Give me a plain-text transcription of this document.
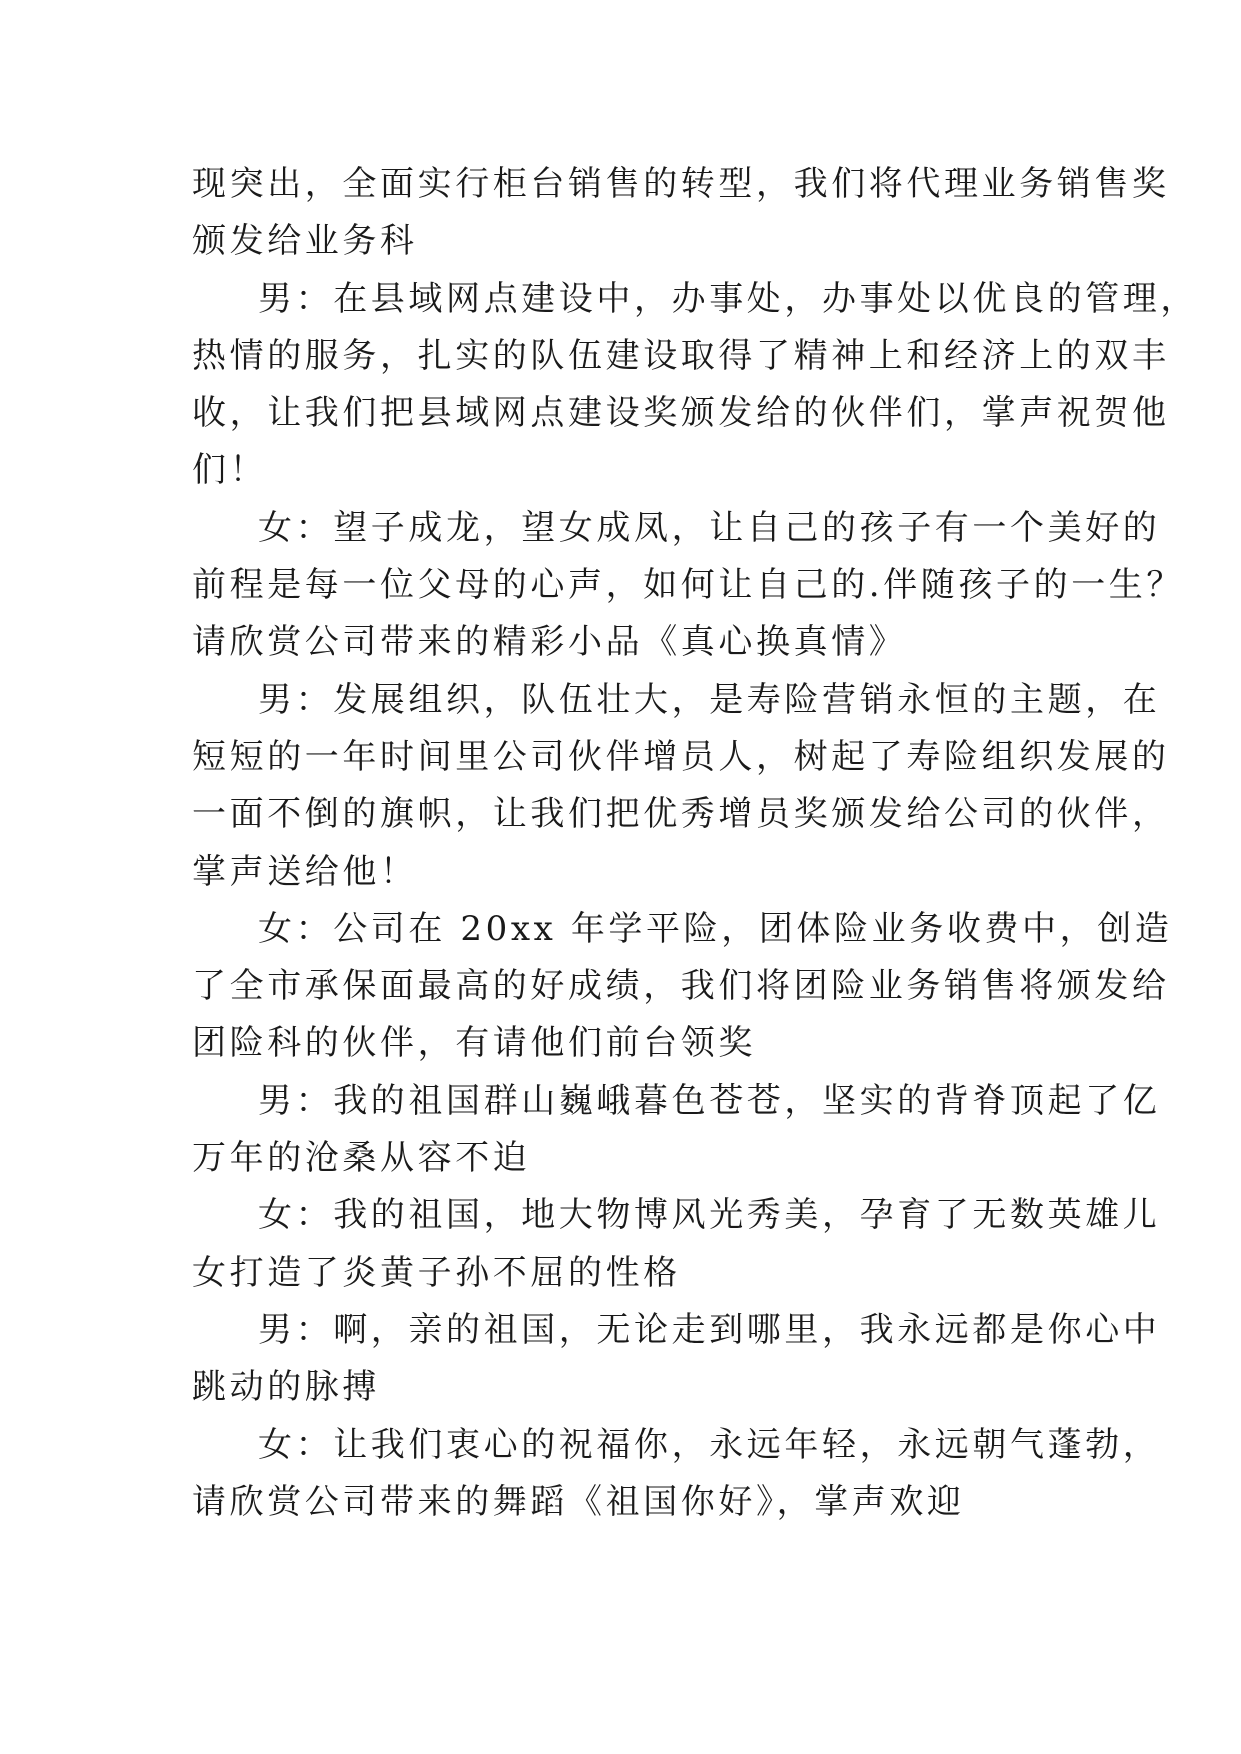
现突出，全面实行柜台销售的转型，我们将代理业务销售奖
颁发给业务科
男：在县域网点建设中，办事处，办事处以优良的管理，
热情的服务，扎实的队伍建设取得了精神上和经济上的双丰
收，让我们把县域网点建设奖颁发给的伙伴们，掌声祝贺他
们！
女：望子成龙，望女成凤，让自己的孩子有一个美好的
前程是每一位父母的心声，如何让自己的.伴随孩子的一生？
请欣赏公司带来的精彩小品《真心换真情》
男：发展组织，队伍壮大，是寿险营销永恒的主题，在
短短的一年时间里公司伙伴增员人，树起了寿险组织发展的
一面不倒的旗帜，让我们把优秀增员奖颁发给公司的伙伴，
掌声送给他！
女：公司在 20xx 年学平险，团体险业务收费中，创造
了全市承保面最高的好成绩，我们将团险业务销售将颁发给
团险科的伙伴，有请他们前台领奖
男：我的祖国群山巍峨暮色苍苍，坚实的背脊顶起了亿
万年的沧桑从容不迫
女：我的祖国，地大物博风光秀美，孕育了无数英雄儿
女打造了炎黄子孙不屈的性格
男：啊，亲的祖国，无论走到哪里，我永远都是你心中
跳动的脉搏
女：让我们衷心的祝福你，永远年轻，永远朝气蓬勃，
请欣赏公司带来的舞蹈《祖国你好》，掌声欢迎
